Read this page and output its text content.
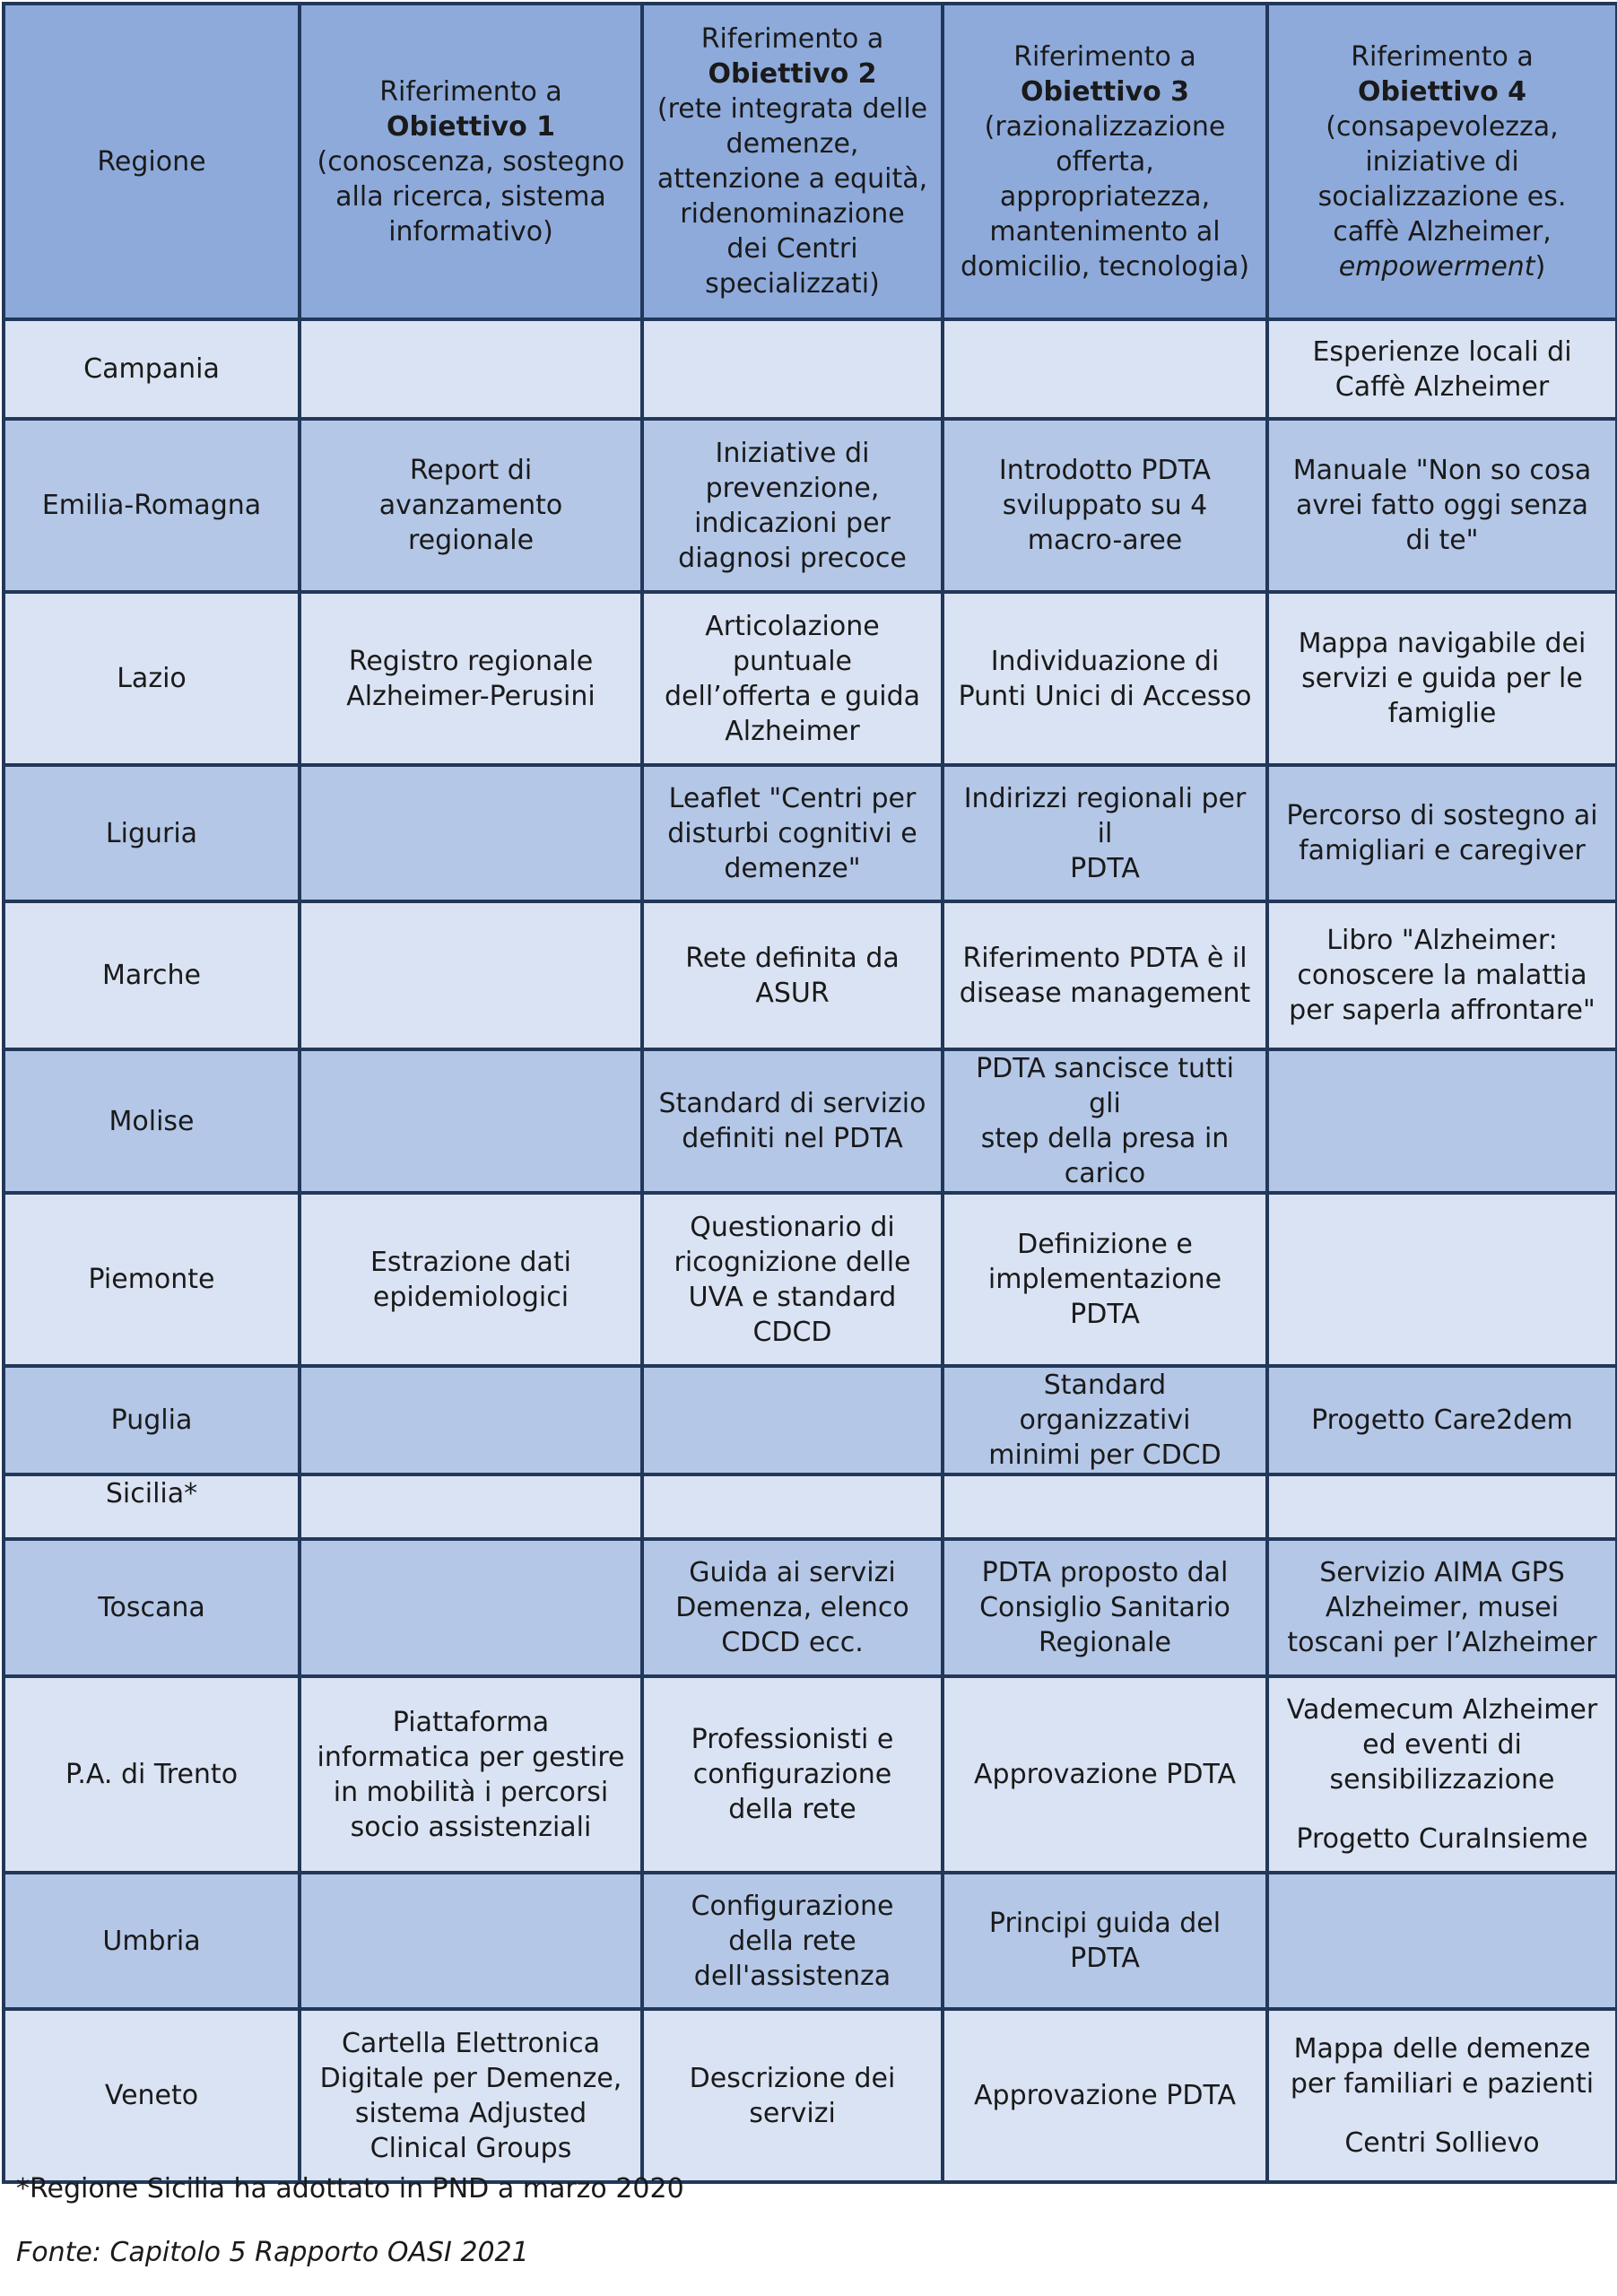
Regione	Riferimento a
Obiettivo 1
(conoscenza, sostegno alla ricerca, sistema informativo)	Riferimento a
Obiettivo 2
(rete integrata delle demenze, attenzione a equità, ridenominazione dei Centri specializzati)	Riferimento a
Obiettivo 3
(razionalizzazione offerta, appropriatezza, mantenimento al domicilio, tecnologia)	Riferimento a
Obiettivo 4
(consapevolezza, iniziative di socializzazione es. caffè Alzheimer, empowerment)

Campania				Esperienze locali di
Caffè Alzheimer

Emilia-Romagna	Report di
avanzamento
regionale	Iniziative di
prevenzione,
indicazioni per
diagnosi precoce	Introdotto PDTA
sviluppato su 4
macro-aree	Manuale "Non so cosa
avrei fatto oggi senza
di te"

Lazio	Registro regionale
Alzheimer-Perusini	Articolazione
puntuale
dell’offerta e guida
Alzheimer	Individuazione di
Punti Unici di Accesso	Mappa navigabile dei
servizi e guida per le
famiglie

Liguria		Leaflet "Centri per
disturbi cognitivi e
demenze"	Indirizzi regionali per il
PDTA	Percorso di sostegno ai
famigliari e caregiver

Marche		Rete definita da
ASUR	Riferimento PDTA è il
disease management	Libro "Alzheimer:
conoscere la malattia
per saperla affrontare"

Molise		Standard di servizio
definiti nel PDTA	PDTA sancisce tutti gli
step della presa in
carico	

Piemonte	Estrazione dati
epidemiologici	Questionario di
ricognizione delle
UVA e standard
CDCD	Definizione e
implementazione
PDTA	

Puglia			Standard organizzativi
minimi per CDCD	Progetto Care2dem

Sicilia*	

Toscana		Guida ai servizi
Demenza, elenco
CDCD ecc.	PDTA proposto dal
Consiglio Sanitario
Regionale	Servizio AIMA GPS
Alzheimer, musei
toscani per l’Alzheimer

P.A. di Trento	Piattaforma
informatica per gestire
in mobilità i percorsi
socio assistenziali	Professionisti e
configurazione
della rete	Approvazione PDTA	Vademecum Alzheimer
ed eventi di
sensibilizzazione
Progetto CuraInsieme

Umbria		Configurazione
della rete
dell'assistenza	Principi guida del
PDTA	

Veneto	Cartella Elettronica
Digitale per Demenze,
sistema Adjusted
Clinical Groups	Descrizione dei
servizi	Approvazione PDTA	Mappa delle demenze
per familiari e pazienti
Centri Sollievo
*Regione Sicilia ha adottato in PND a marzo 2020
Fonte: Capitolo 5 Rapporto OASI 2021
